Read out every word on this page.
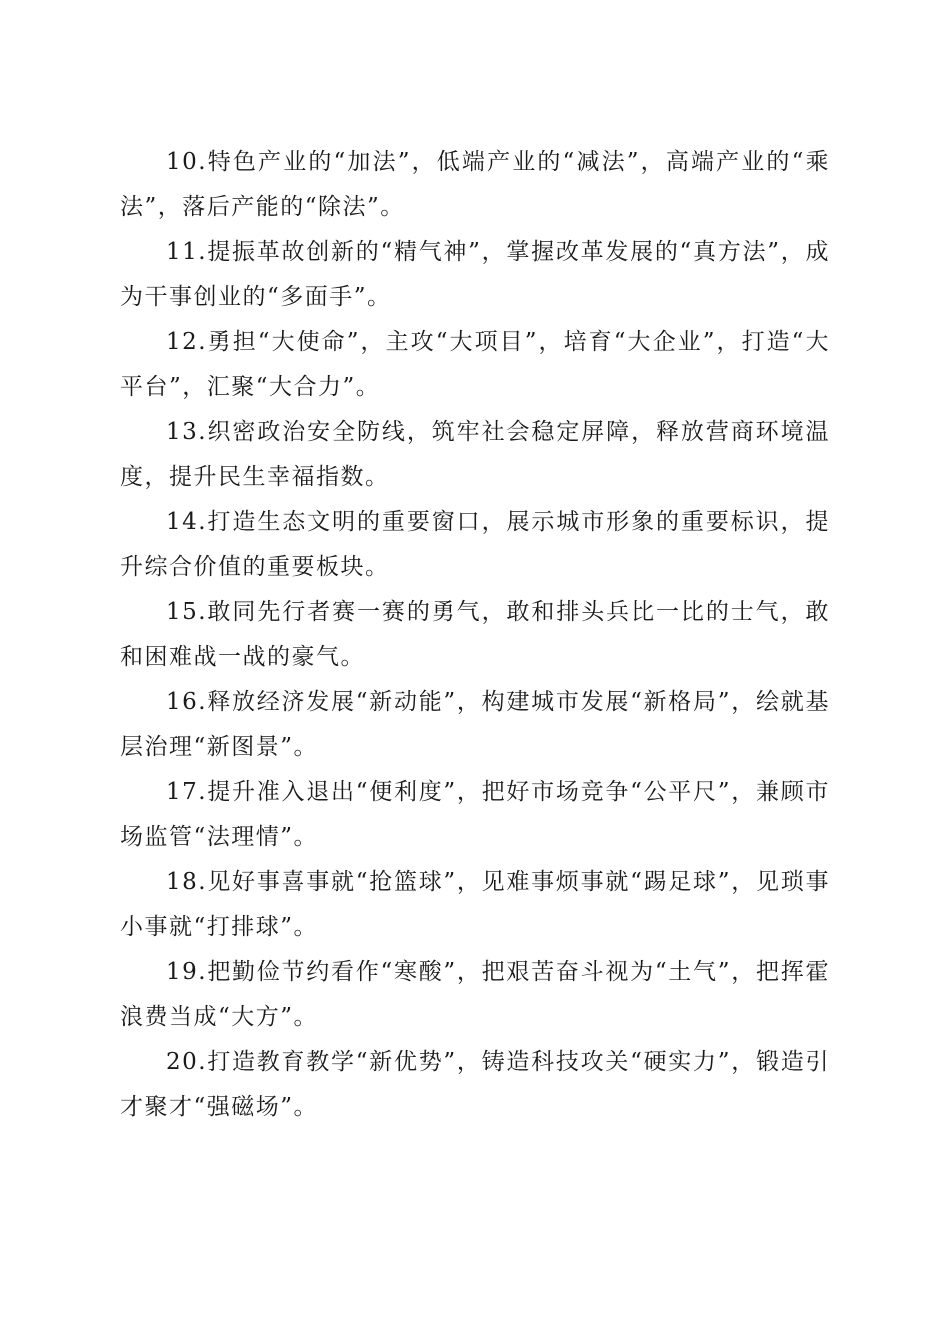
10.特色产业的“加法”，低端产业的“减法”，高端产业的“乘法”，落后产能的“除法”。

11.提振革故创新的“精气神”，掌握改革发展的“真方法”，成为干事创业的“多面手”。

12.勇担“大使命”，主攻“大项目”，培育“大企业”，打造“大平台”，汇聚“大合力”。

13.织密政治安全防线，筑牢社会稳定屏障，释放营商环境温度，提升民生幸福指数。

14.打造生态文明的重要窗口，展示城市形象的重要标识，提升综合价值的重要板块。

15.敢同先行者赛一赛的勇气，敢和排头兵比一比的士气，敢和困难战一战的豪气。

16.释放经济发展“新动能”，构建城市发展“新格局”，绘就基层治理“新图景”。

17.提升准入退出“便利度”，把好市场竞争“公平尺”，兼顾市场监管“法理情”。

18.见好事喜事就“抢篮球”，见难事烦事就“踢足球”，见琐事小事就“打排球”。

19.把勤俭节约看作“寒酸”，把艰苦奋斗视为“土气”，把挥霍浪费当成“大方”。

20.打造教育教学“新优势”，铸造科技攻关“硬实力”，锻造引才聚才“强磁场”。
